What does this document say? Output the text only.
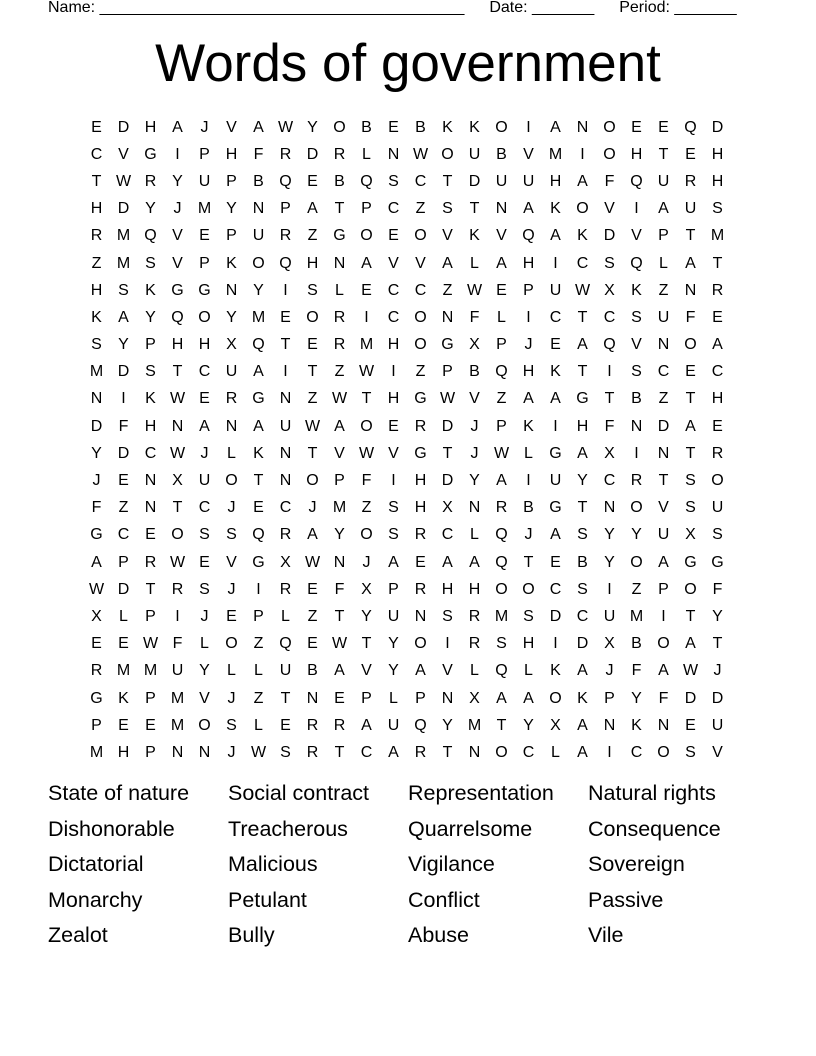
Name: _________________________________________ Date: _______ Period: _______
Words of government
E D H A	J	V	A W Y O B	E	B	K	K O	I	A N O E	E Q D
C V G	I	P H	F	R D R	L	N W O U B	V M	I	O H	T	E H
T W R Y U P	B Q E	B Q S C	T	D U U H A	F Q U R H
H D Y	J	M Y N P	A	T	P C	Z	S	T	N A	K O V	I	A U S
R M Q V	E	P U R	Z G O E O V	K	V Q A	K D V	P	T M
Z M S	V	P	K O Q H N A	V	V	A	L	A H	I	C S Q	L	A	T
H S	K G G N Y	I	S	L	E C C	Z W E	P U W X	K	Z	N R
K	A	Y Q O Y M E O R	I	C O N	F	L	I	C	T	C S U	F	E
S	Y	P H H X Q T	E R M H O G X	P	J	E	A Q V N O A
M D S	T	C U A	I	T	Z W	I	Z	P	B Q H K	T	I	S C E C
N	I	K W E R G N	Z W T	H G W V	Z	A	A G T	B	Z	T	H
D	F	H N A N A U W A O E R D	J	P	K	I	H	F	N D A	E
Y D C W J	L	K N	T	V W V G T	J W L	G A	X	I	N	T	R
J	E N X U O T	N O P	F	I	H D Y	A	I	U Y C R	T	S O
F	Z	N	T	C	J	E C	J	M Z	S H X N R B G T	N O V	S U
G C E O S	S Q R A	Y O S R C	L	Q	J	A	S	Y	Y U X	S
A	P R W E	V G X W N	J	A	E	A	A Q T	E	B	Y O A G G
W D	T	R S	J	I	R E	F	X	P R H H O O C S	I	Z	P O F
X	L	P	I	J	E	P	L	Z	T	Y U N S R M S D C U M	I	T	Y
E	E W F	L	O Z Q E W T	Y O	I	R S H	I	D X	B O A	T
R M M U Y	L	L	U B	A	V	Y	A	V	L	Q	L	K	A	J	F	A W J
G K	P M V	J	Z	T	N E	P	L	P N X	A	A O K	P	Y	F	D D
P	E	E M O S	L	E R R A U Q Y M T	Y	X	A N K N E U
M H P N N	J W S R	T	C A R	T	N O C	L	A	I	C O S	V
State of nature	Social contract	Representation	Natural rights
Dishonorable	Treacherous	Quarrelsome	Consequence
Dictatorial	Malicious	Vigilance	Sovereign
Monarchy	Petulant	Conflict	Passive
Zealot	Bully	Abuse	Vile
